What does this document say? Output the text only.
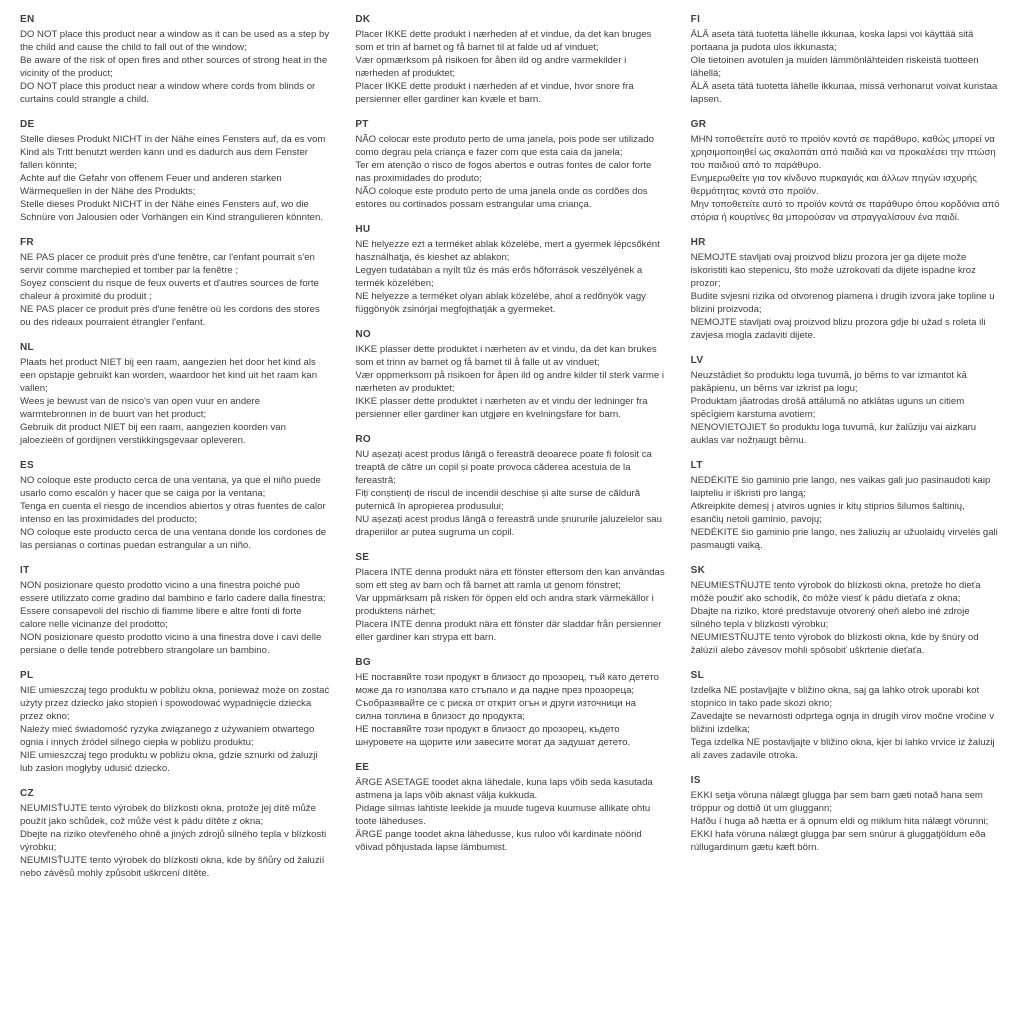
EN

DO NOT place this product near a window as it can be used as a step by the child and cause the child to fall out of the window;

Be aware of the risk of open fires and other sources of strong heat in the vicinity of the product;

DO NOT place this product near a window where cords from blinds or curtains could strangle a child.

DE

Stelle dieses Produkt NICHT in der Nähe eines Fensters auf, da es vom Kind als Tritt benutzt werden kann und es dadurch aus dem Fenster fallen könnte;

Achte auf die Gefahr von offenem Feuer und anderen starken Wärmequellen in der Nähe des Produkts;

Stelle dieses Produkt NICHT in der Nähe eines Fensters auf, wo die Schnüre von Jalousien oder Vorhängen ein Kind strangulieren könnten.

FR

NE PAS placer ce produit près d'une fenêtre, car l'enfant pourrait s'en servir comme marchepied et tomber par la fenêtre ;

Soyez conscient du risque de feux ouverts et d'autres sources de forte chaleur à proximité du produit ;

NE PAS placer ce produit près d'une fenêtre où les cordons des stores ou des rideaux pourraient étrangler l'enfant.

NL

Plaats het product NIET bij een raam, aangezien het door het kind als een opstapje gebruikt kan worden, waardoor het kind uit het raam kan vallen;

Wees je bewust van de risico's van open vuur en andere warmtebronnen in de buurt van het product;

Gebruik dit product NIET bij een raam, aangezien koorden van jaloezieën of gordijnen verstikkingsgevaar opleveren.

ES

NO coloque este producto cerca de una ventana, ya que el niño puede usarlo como escalón y hacer que se caiga por la ventana;

Tenga en cuenta el riesgo de incendios abiertos y otras fuentes de calor intenso en las proximidades del producto;

NO coloque este producto cerca de una ventana donde los cordones de las persianas o cortinas puedan estrangular a un niño.

IT

NON posizionare questo prodotto vicino a una finestra poiché può essere utilizzato come gradino dal bambino e farlo cadere dalla finestra;

Essere consapevoli del rischio di fiamme libere e altre fonti di forte calore nelle vicinanze del prodotto;

NON posizionare questo prodotto vicino a una finestra dove i cavi delle persiane o delle tende potrebbero strangolare un bambino.

PL

NIE umieszczaj tego produktu w pobliżu okna, ponieważ może on zostać użyty przez dziecko jako stopień i spowodować wypadnięcie dziecka przez okno;

Należy mieć świadomość ryzyka związanego z używaniem otwartego ognia i innych źródeł silnego ciepła w pobliżu produktu;

NIE umieszczaj tego produktu w pobliżu okna, gdzie sznurki od żaluzji lub zasłon mogłyby udusić dziecko.

CZ

NEUMISŤUJTE tento výrobek do blízkosti okna, protože jej dítě může použít jako schůdek, což může vést k pádu dítěte z okna;

Dbejte na riziko otevřeného ohně a jiných zdrojů silného tepla v blízkosti výrobku;

NEUMISŤUJTE tento výrobek do blízkosti okna, kde by šňůry od žaluzií nebo závěsů mohly způsobit uškrcení dítěte.

DK

Placer IKKE dette produkt i nærheden af et vindue, da det kan bruges som et trin af barnet og få barnet til at falde ud af vinduet;

Vær opmærksom på risikoen for åben ild og andre varmekilder i nærheden af produktet;

Placer IKKE dette produkt i nærheden af et vindue, hvor snore fra persienner eller gardiner kan kvæle et barn.

PT

NÃO colocar este produto perto de uma janela, pois pode ser utilizado como degrau pela criança e fazer com que esta caia da janela;

Ter em atenção o risco de fogos abertos e outras fontes de calor forte nas proximidades do produto;

NÃO coloque este produto perto de uma janela onde os cordões dos estores ou cortinados possam estrangular uma criança.

HU

NE helyezze ezt a terméket ablak közelébe, mert a gyermek lépcsőként használhatja, és kieshet az ablakon;

Legyen tudatában a nyílt tűz és más erős hőforrások veszélyének a termék közelében;

NE helyezze a terméket olyan ablak közelébe, ahol a redőnyök vagy függönyök zsinórjai megfojthatják a gyermeket.

NO

IKKE plasser dette produktet i nærheten av et vindu, da det kan brukes som et trinn av barnet og få barnet til å falle ut av vinduet;

Vær oppmerksom på risikoen for åpen ild og andre kilder til sterk varme i nærheten av produktet;

IKKE plasser dette produktet i nærheten av et vindu der ledninger fra persienner eller gardiner kan utgjøre en kvelningsfare for barn.

RO

NU așezați acest produs lângă o fereastră deoarece poate fi folosit ca treaptă de către un copil și poate provoca căderea acestuia de la fereastră;

Fiți conștienți de riscul de incendii deschise și alte surse de căldură puternică în apropierea produsului;

NU așezați acest produs lângă o fereastră unde șnururile jaluzelelor sau draperiilor ar putea sugruma un copil.

SE

Placera INTE denna produkt nära ett fönster eftersom den kan användas som ett steg av barn och få barnet att ramla ut genom fönstret;

Var uppmärksam på risken för öppen eld och andra stark värmekällor i produktens närhet;

Placera INTE denna produkt nära ett fönster där sladdar från persienner eller gardiner kan strypa ett barn.

BG

НЕ поставяйте този продукт в близост до прозорец, тъй като детето може да го използва като стъпало и да падне през прозореца;

Съобразявайте се с риска от открит огън и други източници на силна топлина в близост до продукта;

НЕ поставяйте този продукт в близост до прозорец, където шнуровете на щорите или завесите могат да задушат детето.

EE

ÄRGE ASETAGE toodet akna lähedale, kuna laps võib seda kasutada astmena ja laps võib aknast välja kukkuda.

Pidage silmas lahtiste leekide ja muude tugeva kuumuse allikate ohtu toote läheduses.

ÄRGE pange toodet akna lähedusse, kus ruloo või kardinate nöörid võivad põhjustada lapse lämbumist.

FI

ÄLÄ aseta tätä tuotetta lähelle ikkunaa, koska lapsi voi käyttää sitä portaana ja pudota ulos ikkunasta;

Ole tietoinen avotulen ja muiden lämmönlähteiden riskeistä tuotteen lähellä;

ÄLÄ aseta tätä tuotetta lähelle ikkunaa, missä verhonarut voivat kuristaa lapsen.

GR

ΜΗΝ τοποθετείτε αυτό το προϊόν κοντά σε παράθυρο, καθώς μπορεί να χρησιμοποιηθεί ως σκαλοπάτι από παιδιά και να προκαλέσει την πτώση του παιδιού από το παράθυρο.

Ενημερωθείτε για τον κίνδυνο πυρκαγιάς και άλλων πηγών ισχυρής θερμότητας κοντά στο προϊόν.

Μην τοποθετείτε αυτό το προϊόν κοντά σε παράθυρο όπου κορδόνια από στόρια ή κουρτίνες θα μπορούσαν να στραγγαλίσουν ένα παιδί.

HR

NEMOJTE stavljati ovaj proizvod blizu prozora jer ga dijete može iskoristiti kao stepenicu, što može uzrokovati da dijete ispadne kroz prozor;

Budite svjesni rizika od otvorenog plamena i drugih izvora jake topline u blizini proizvoda;

NEMOJTE stavljati ovaj proizvod blizu prozora gdje bi užad s roleta ili zavjesa mogla zadaviti dijete.

LV

Neuzstādiet šo produktu loga tuvumā, jo bērns to var izmantot kā pakāpienu, un bērns var izkrist pa logu;

Produktam jāatrodas drošā attālumā no atklātas uguns un citiem spēcīgiem karstuma avotiem;

NENOVIETOJIET šo produktu loga tuvumā, kur žalūziju vai aizkaru auklas var nožņaugt bērnu.

LT

NEDĖKITE šio gaminio prie lango, nes vaikas gali juo pasinaudoti kaip laipteliu ir iškristi pro langą;

Atkreipkite dėmesį į atviros ugnies ir kitų stiprios šilumos šaltinių, esančių netoli gaminio, pavojų;

NEDĖKITE šio gaminio prie lango, nes žaliuzių ar užuolaidų virvelės gali pasmaugti vaiką.

SK

NEUMIESTŇUJTE tento výrobok do blízkosti okna, pretože ho dieťa môže použiť ako schodík, čo môže viesť k pádu dieťaťa z okna;

Dbajte na riziko, ktoré predstavuje otvorený oheň alebo iné zdroje silného tepla v blízkosti výrobku;

NEUMIESTŇUJTE tento výrobok do blízkosti okna, kde by šnúry od žalúzií alebo závesov mohli spôsobiť uškrtenie dieťaťa.

SL

Izdelka NE postavljajte v bližino okna, saj ga lahko otrok uporabi kot stopnico in tako pade skozi okno;

Zavedajte se nevarnosti odprtega ognja in drugih virov močne vročine v bližini izdelka;

Tega izdelka NE postavljajte v bližino okna, kjer bi lahko vrvice iz žaluzij ali zaves zadavile otroka.

IS

EKKI setja vöruna nálægt glugga þar sem barn gæti notað hana sem tröppur og dottið út um gluggann;

Hafðu í huga að hætta er á opnum eldi og miklum hita nálægt vörunni;

EKKI hafa vöruna nálægt glugga þar sem snúrur á gluggatjöldum eða rúllugardinum gætu kæft börn.
